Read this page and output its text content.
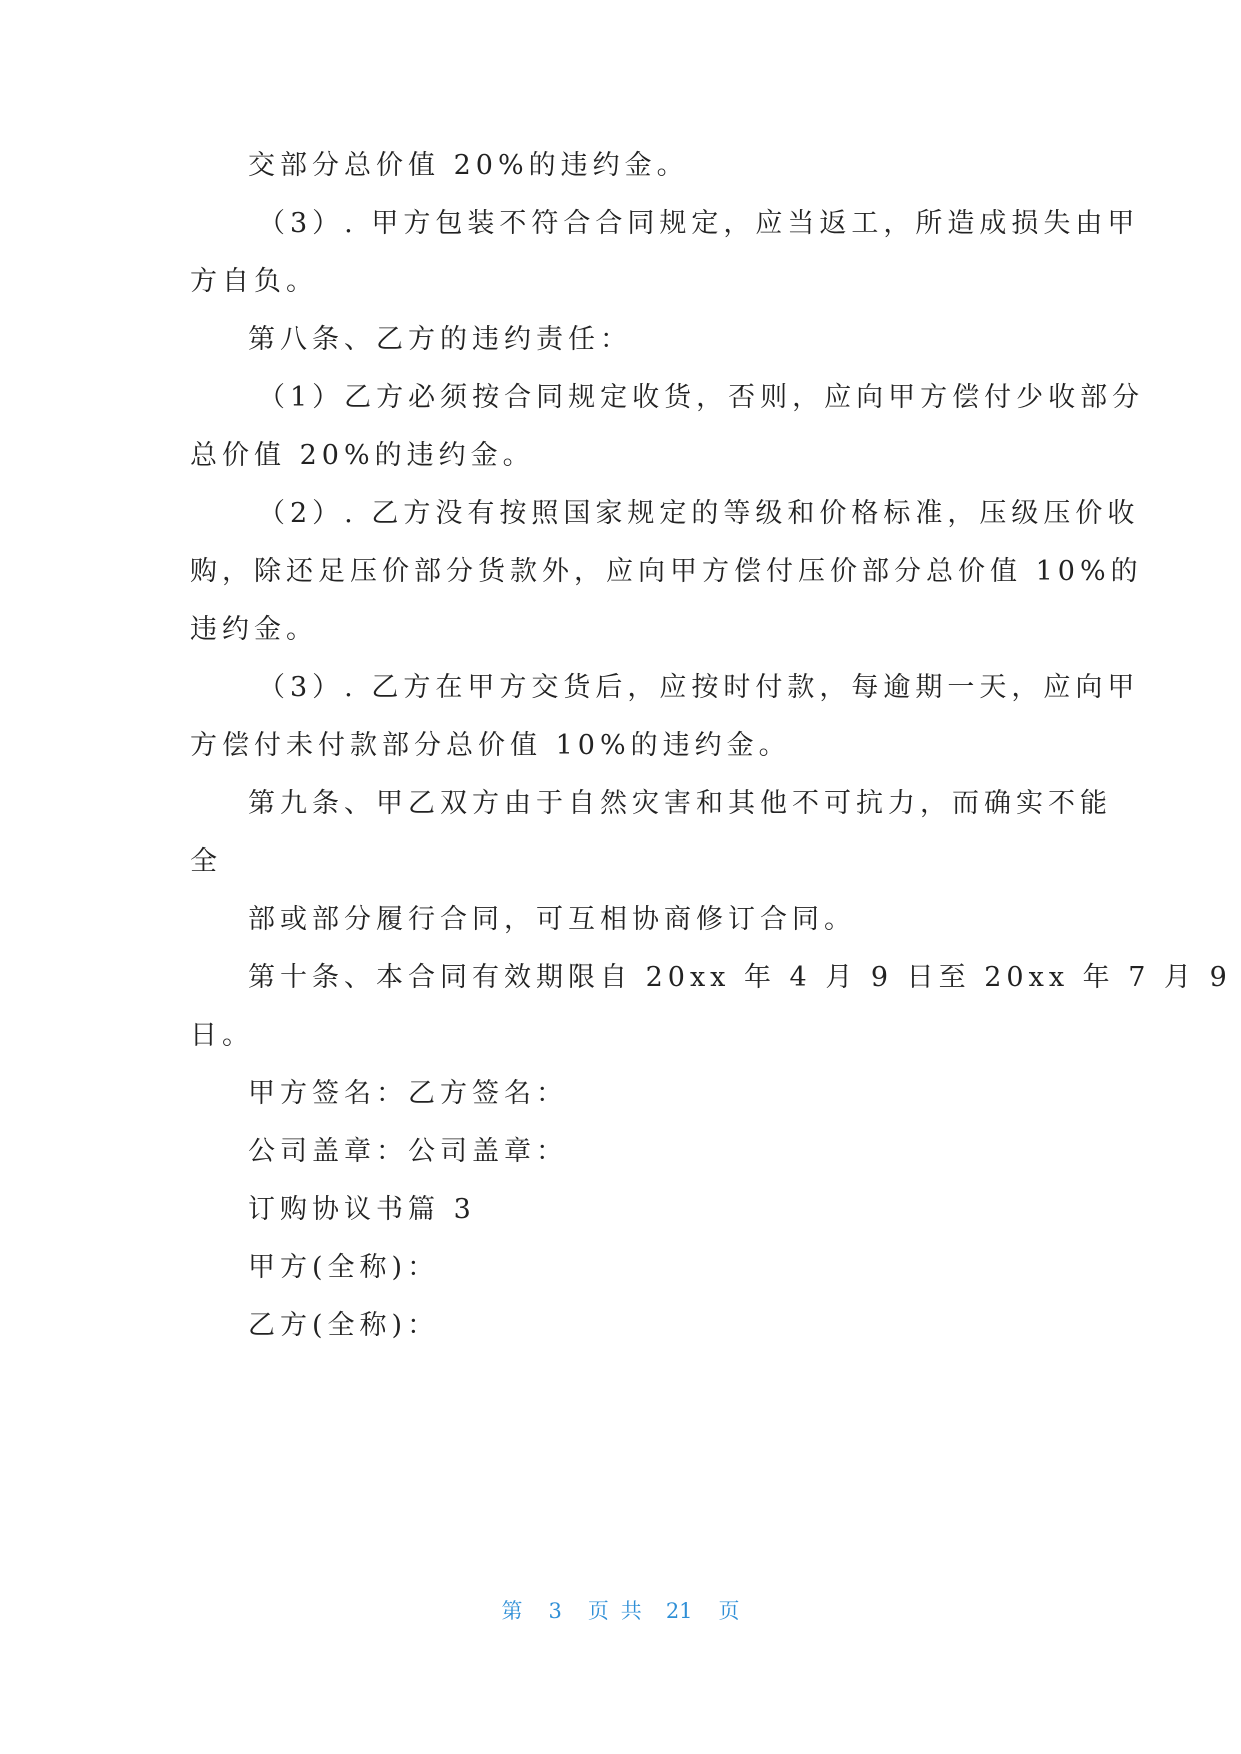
交部分总价值 20%的违约金。
（3）. 甲方包装不符合合同规定，应当返工，所造成损失由甲
方自负。
第八条、乙方的违约责任：
（1）乙方必须按合同规定收货，否则，应向甲方偿付少收部分
总价值 20%的违约金。
（2）. 乙方没有按照国家规定的等级和价格标准，压级压价收
购，除还足压价部分货款外，应向甲方偿付压价部分总价值 10%的
违约金。
（3）. 乙方在甲方交货后，应按时付款，每逾期一天，应向甲
方偿付未付款部分总价值 10%的违约金。
第九条、甲乙双方由于自然灾害和其他不可抗力，而确实不能
全
部或部分履行合同，可互相协商修订合同。
第十条、本合同有效期限自 20xx 年 4 月 9 日至 20xx 年 7 月 9
日。
甲方签名：乙方签名：
公司盖章：公司盖章：
订购协议书篇 3
甲方(全称)：
乙方(全称)：
第 3 页共 21 页
